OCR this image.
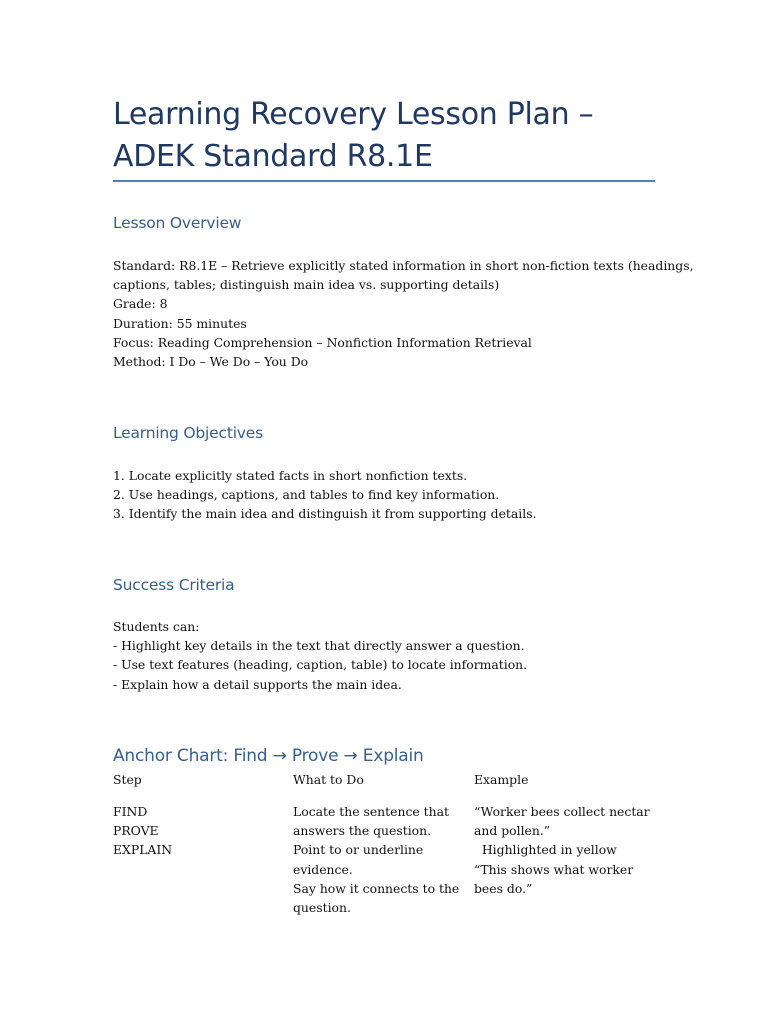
Learning Recovery Lesson Plan – ADEK Standard R8.1E
Lesson Overview
Standard: R8.1E – Retrieve explicitly stated information in short non-fiction texts (headings,
captions, tables; distinguish main idea vs. supporting details)
Grade: 8
Duration: 55 minutes
Focus: Reading Comprehension – Nonfiction Information Retrieval
Method: I Do – We Do – You Do
Learning Objectives
1. Locate explicitly stated facts in short nonfiction texts.
2. Use headings, captions, and tables to find key information.
3. Identify the main idea and distinguish it from supporting details.
Success Criteria
Students can:
- Highlight key details in the text that directly answer a question.
- Use text features (heading, caption, table) to locate information.
- Explain how a detail supports the main idea.
Anchor Chart: Find → Prove → Explain
Step	What to Do	Example
FIND
PROVE
EXPLAIN
Locate the sentence that
answers the question.
Point to or underline
evidence.
Say how it connects to the
question.
“Worker bees collect nectar
and pollen.”
Highlighted in yellow
“This shows what worker
bees do.”
